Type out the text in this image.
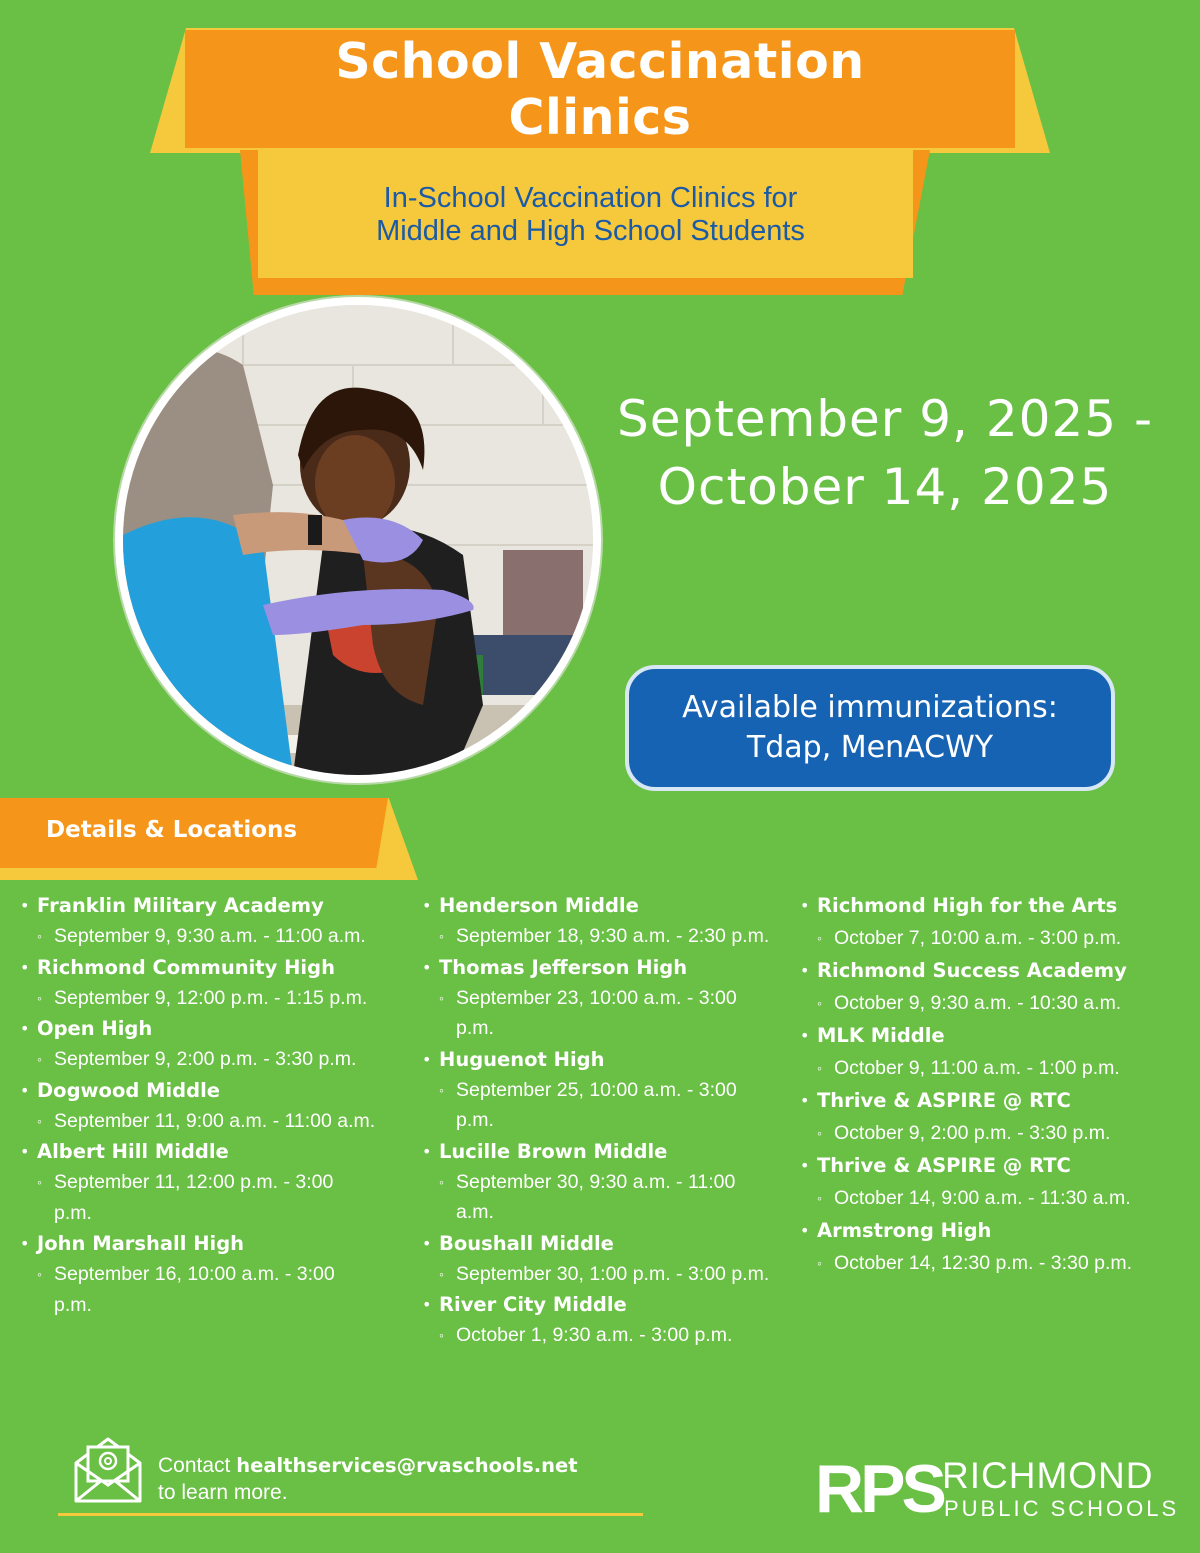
School Vaccination
Clinics
In-School Vaccination Clinics for
Middle and High School Students
September 9, 2025 -
October 14, 2025
Available immunizations:
Tdap, MenACWY
Details & Locations
• Franklin Military Academy
◦ September 9, 9:30 a.m. - 11:00 a.m.
• Richmond Community High
◦ September 9, 12:00 p.m. - 1:15 p.m.
• Open High
◦ September 9, 2:00 p.m. - 3:30 p.m.
• Dogwood Middle
◦ September 11, 9:00 a.m. - 11:00 a.m.
• Albert Hill Middle
◦ September 11, 12:00 p.m. - 3:00 p.m.
• John Marshall High
◦ September 16, 10:00 a.m. - 3:00 p.m.
• Henderson Middle
◦ September 18, 9:30 a.m. - 2:30 p.m.
• Thomas Jefferson High
◦ September 23, 10:00 a.m. - 3:00 p.m.
• Huguenot High
◦ September 25, 10:00 a.m. - 3:00 p.m.
• Lucille Brown Middle
◦ September 30, 9:30 a.m. - 11:00 a.m.
• Boushall Middle
◦ September 30, 1:00 p.m. - 3:00 p.m.
• River City Middle
◦ October 1, 9:30 a.m. - 3:00 p.m.
• Richmond High for the Arts
◦ October 7, 10:00 a.m. - 3:00 p.m.
• Richmond Success Academy
◦ October 9, 9:30 a.m. - 10:30 a.m.
• MLK Middle
◦ October 9, 11:00 a.m. - 1:00 p.m.
• Thrive & ASPIRE @ RTC
◦ October 9, 2:00 p.m. - 3:30 p.m.
• Thrive & ASPIRE @ RTC
◦ October 14, 9:00 a.m. - 11:30 a.m.
• Armstrong High
◦ October 14, 12:30 p.m. - 3:30 p.m.
Contact healthservices@rvaschools.net
to learn more.	RPS RICHMOND
PUBLIC SCHOOLS
